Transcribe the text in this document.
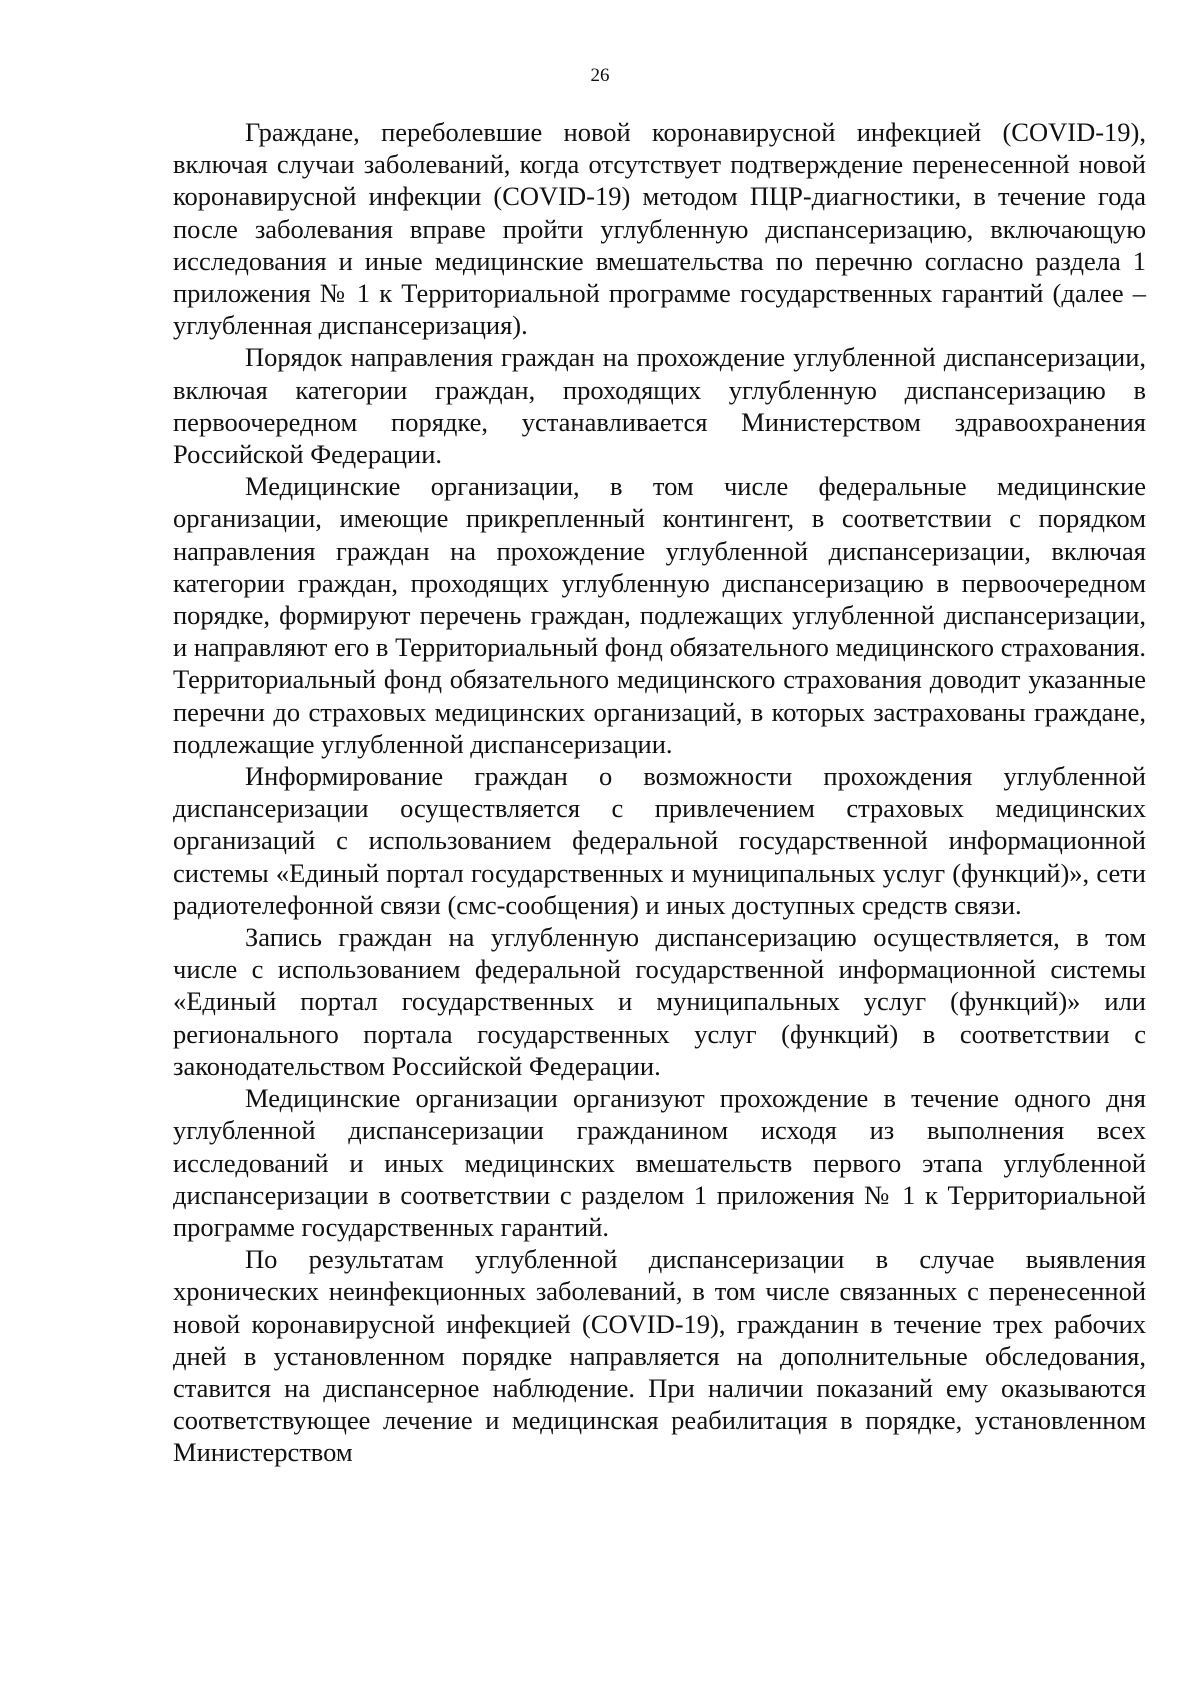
26

Граждане, переболевшие новой коронавирусной инфекцией (COVID-19), включая случаи заболеваний, когда отсутствует подтверждение перенесенной новой коронавирусной инфекции (COVID-19) методом ПЦР-диагностики, в течение года после заболевания вправе пройти углубленную диспансеризацию, включающую исследования и иные медицинские вмешательства по перечню согласно раздела 1 приложения № 1 к Территориальной программе государственных гарантий (далее – углубленная диспансеризация).

Порядок направления граждан на прохождение углубленной диспансеризации, включая категории граждан, проходящих углубленную диспансеризацию в первоочередном порядке, устанавливается Министерством здравоохранения Российской Федерации.

Медицинские организации, в том числе федеральные медицинские организации, имеющие прикрепленный контингент, в соответствии с порядком направления граждан на прохождение углубленной диспансеризации, включая категории граждан, проходящих углубленную диспансеризацию в первоочередном порядке, формируют перечень граждан, подлежащих углубленной диспансеризации, и направляют его в Территориальный фонд обязательного медицинского страхования. Территориальный фонд обязательного медицинского страхования доводит указанные перечни до страховых медицинских организаций, в которых застрахованы граждане, подлежащие углубленной диспансеризации.

Информирование граждан о возможности прохождения углубленной диспансеризации осуществляется с привлечением страховых медицинских организаций с использованием федеральной государственной информационной системы «Единый портал государственных и муниципальных услуг (функций)», сети радиотелефонной связи (смс-сообщения) и иных доступных средств связи.

Запись граждан на углубленную диспансеризацию осуществляется, в том числе с использованием федеральной государственной информационной системы «Единый портал государственных и муниципальных услуг (функций)» или регионального портала государственных услуг (функций) в соответствии с законодательством Российской Федерации.

Медицинские организации организуют прохождение в течение одного дня углубленной диспансеризации гражданином исходя из выполнения всех исследований и иных медицинских вмешательств первого этапа углубленной диспансеризации в соответствии с разделом 1 приложения № 1 к Территориальной программе государственных гарантий.

По результатам углубленной диспансеризации в случае выявления хронических неинфекционных заболеваний, в том числе связанных с перенесенной новой коронавирусной инфекцией (COVID-19), гражданин в течение трех рабочих дней в установленном порядке направляется на дополнительные обследования, ставится на диспансерное наблюдение. При наличии показаний ему оказываются соответствующее лечение и медицинская реабилитация в порядке, установленном Министерством
